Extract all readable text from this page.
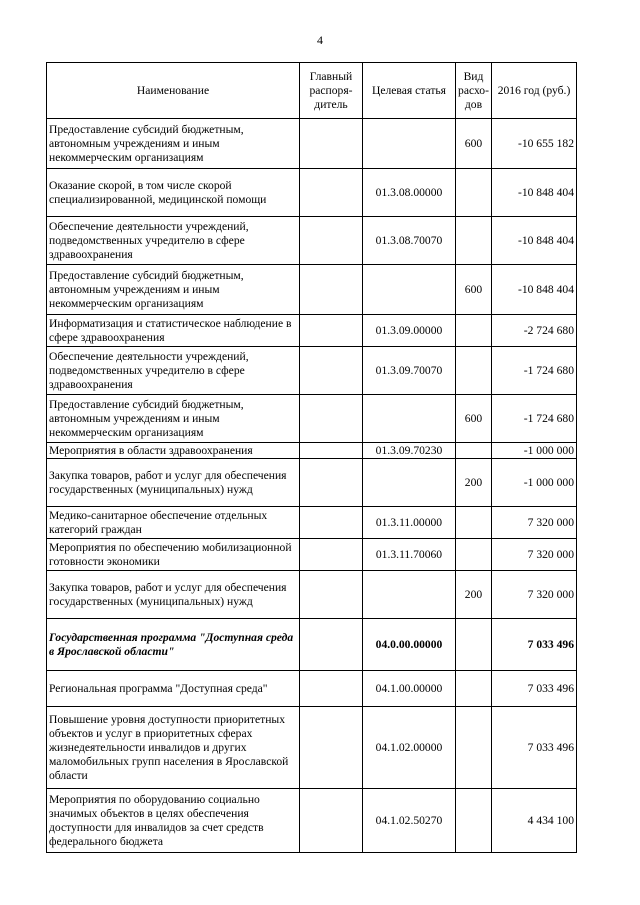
4
Наименование	Главный распоря-дитель	Целевая статья	Вид расхо-дов	2016 год (руб.)
Предоставление субсидий бюджетным, автономным учреждениям и иным некоммерческим организациям			600	-10 655 182
Оказание скорой, в том числе скорой специализированной, медицинской помощи		01.3.08.00000		-10 848 404
Обеспечение деятельности учреждений, подведомственных учредителю в сфере здравоохранения		01.3.08.70070		-10 848 404
Предоставление субсидий бюджетным, автономным учреждениям и иным некоммерческим организациям			600	-10 848 404
Информатизация и статистическое наблюдение в сфере здравоохранения		01.3.09.00000		-2 724 680
Обеспечение деятельности учреждений, подведомственных учредителю в сфере здравоохранения		01.3.09.70070		-1 724 680
Предоставление субсидий бюджетным, автономным учреждениям и иным некоммерческим организациям			600	-1 724 680
Мероприятия в области здравоохранения		01.3.09.70230		-1 000 000
Закупка товаров, работ и услуг для обеспечения государственных (муниципальных) нужд			200	-1 000 000
Медико-санитарное обеспечение отдельных категорий граждан		01.3.11.00000		7 320 000
Мероприятия по обеспечению мобилизационной готовности экономики		01.3.11.70060		7 320 000
Закупка товаров, работ и услуг для обеспечения государственных (муниципальных) нужд			200	7 320 000
Государственная программа "Доступная среда в Ярославской области"		04.0.00.00000		7 033 496
Региональная программа "Доступная среда"		04.1.00.00000		7 033 496
Повышение уровня доступности приоритетных объектов и услуг в приоритетных сферах жизнедеятельности инвалидов и других маломобильных групп населения в Ярославской области		04.1.02.00000		7 033 496
Мероприятия по оборудованию социально значимых объектов в целях обеспечения доступности для инвалидов за счет средств федерального бюджета		04.1.02.50270		4 434 100
